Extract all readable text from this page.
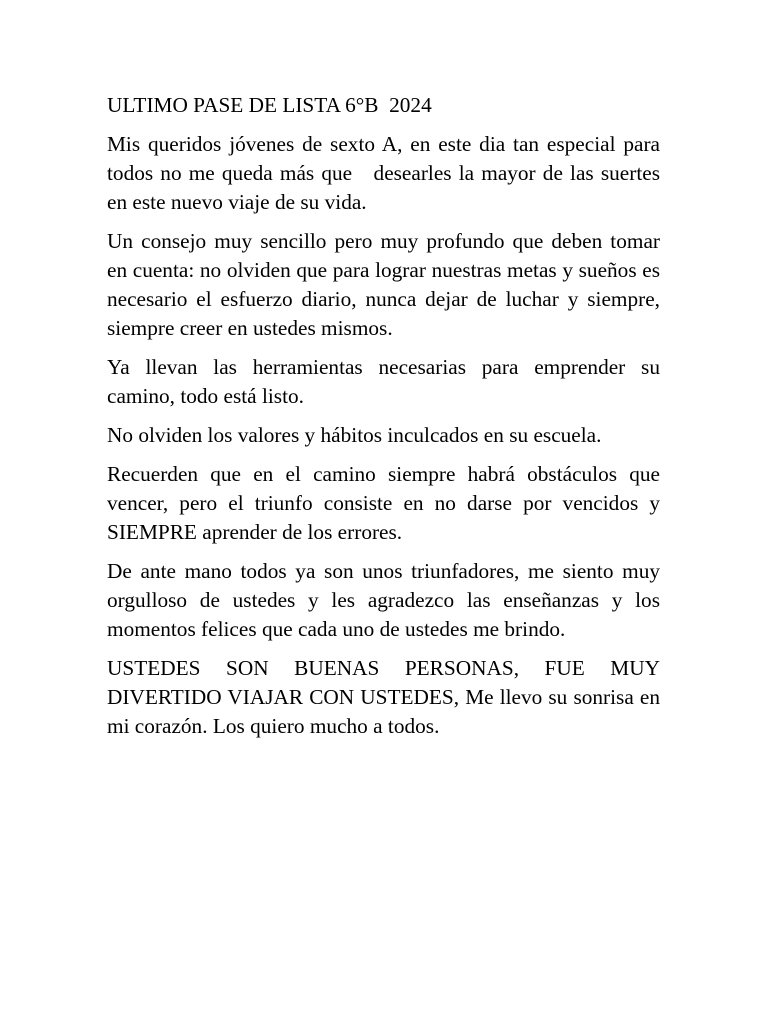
ULTIMO PASE DE LISTA 6°B  2024

Mis queridos jóvenes de sexto A, en este dia tan especial para todos no me queda más que   desearles la mayor de las suertes en este nuevo viaje de su vida.

Un consejo muy sencillo pero muy profundo que deben tomar en cuenta: no olviden que para lograr nuestras metas y sueños es necesario el esfuerzo diario, nunca dejar de luchar y siempre, siempre creer en ustedes mismos.

Ya llevan las herramientas necesarias para emprender su camino, todo está listo.

No olviden los valores y hábitos inculcados en su escuela.

Recuerden que en el camino siempre habrá obstáculos que vencer, pero el triunfo consiste en no darse por vencidos y SIEMPRE aprender de los errores.

De ante mano todos ya son unos triunfadores, me siento muy orgulloso de ustedes y les agradezco las enseñanzas y los momentos felices que cada uno de ustedes me brindo.

USTEDES SON BUENAS PERSONAS, FUE MUY DIVERTIDO VIAJAR CON USTEDES, Me llevo su sonrisa en mi corazón. Los quiero mucho a todos.
